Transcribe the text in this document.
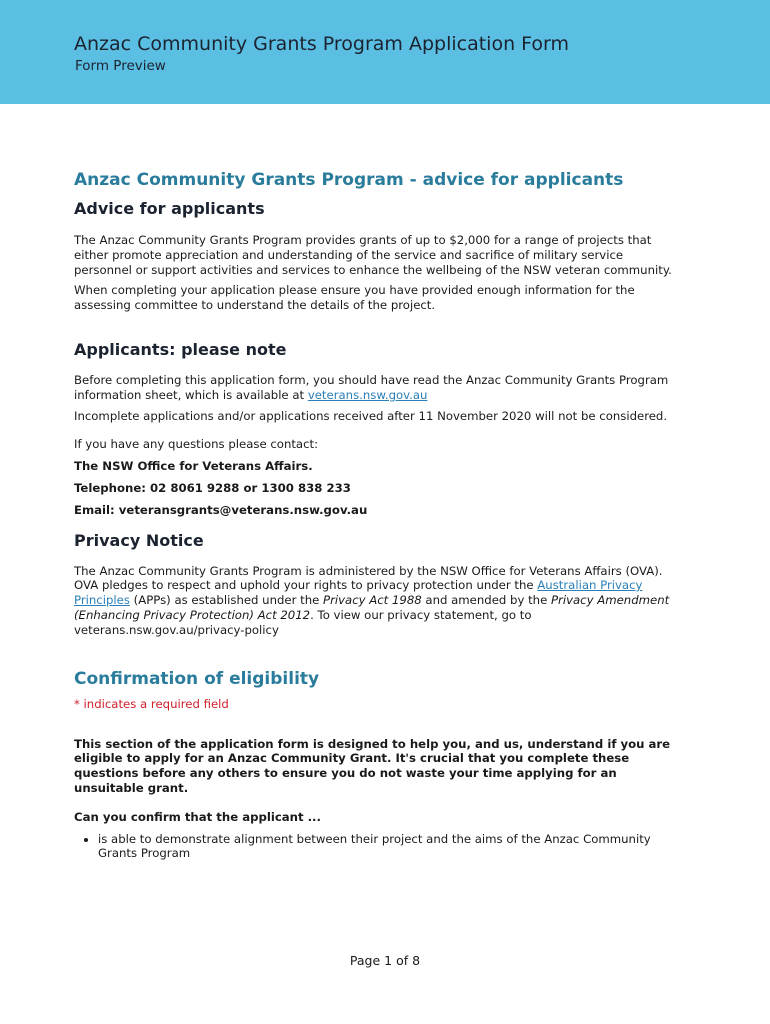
Anzac Community Grants Program Application Form
Form Preview
Anzac Community Grants Program - advice for applicants
Advice for applicants

The Anzac Community Grants Program provides grants of up to $2,000 for a range of projects that either promote appreciation and understanding of the service and sacrifice of military service personnel or support activities and services to enhance the wellbeing of the NSW veteran community.

When completing your application please ensure you have provided enough information for the assessing committee to understand the details of the project.

Applicants: please note

Before completing this application form, you should have read the Anzac Community Grants Program information sheet, which is available at veterans.nsw.gov.au

Incomplete applications and/or applications received after 11 November 2020 will not be considered.

If you have any questions please contact:

The NSW Office for Veterans Affairs.

Telephone: 02 8061 9288 or 1300 838 233

Email: veteransgrants@veterans.nsw.gov.au

Privacy Notice

The Anzac Community Grants Program is administered by the NSW Office for Veterans Affairs (OVA). OVA pledges to respect and uphold your rights to privacy protection under the Australian Privacy Principles (APPs) as established under the Privacy Act 1988 and amended by the Privacy Amendment (Enhancing Privacy Protection) Act 2012. To view our privacy statement, go to veterans.nsw.gov.au/privacy-policy

Confirmation of eligibility

* indicates a required field

This section of the application form is designed to help you, and us, understand if you are eligible to apply for an Anzac Community Grant. It's crucial that you complete these questions before any others to ensure you do not waste your time applying for an unsuitable grant.

Can you confirm that the applicant ...

• is able to demonstrate alignment between their project and the aims of the Anzac Community Grants Program
Page 1 of 8
